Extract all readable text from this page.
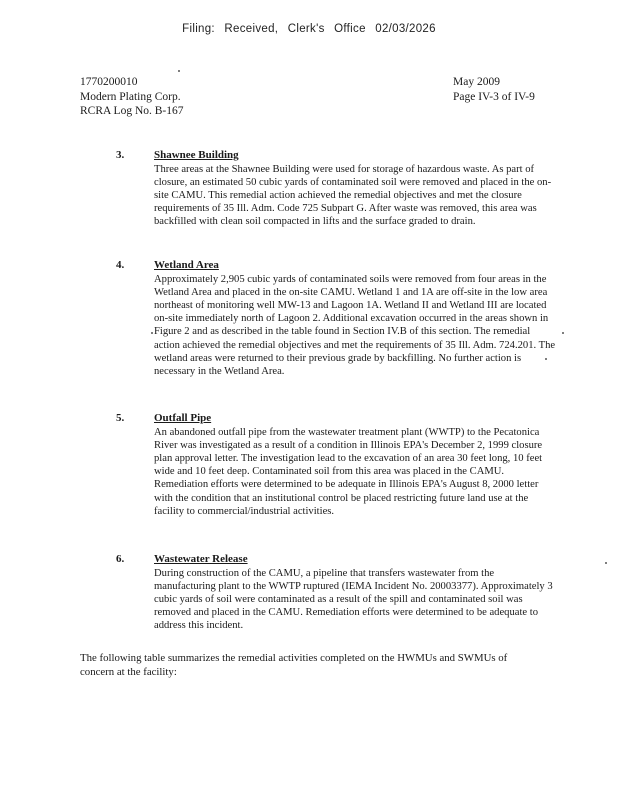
Filing: Received, Clerk's Office 02/03/2026
1770200010
Modern Plating Corp.
RCRA Log No. B-167
May 2009
Page IV-3 of IV-9
3.	Shawnee Building
Three areas at the Shawnee Building were used for storage of hazardous waste. As part of closure, an estimated 50 cubic yards of contaminated soil were removed and placed in the on-site CAMU. This remedial action achieved the remedial objectives and met the closure requirements of 35 Ill. Adm. Code 725 Subpart G. After waste was removed, this area was backfilled with clean soil compacted in lifts and the surface graded to drain.
4.	Wetland Area
Approximately 2,905 cubic yards of contaminated soils were removed from four areas in the Wetland Area and placed in the on-site CAMU. Wetland 1 and 1A are off-site in the low area northeast of monitoring well MW-13 and Lagoon 1A. Wetland II and Wetland III are located on-site immediately north of Lagoon 2. Additional excavation occurred in the areas shown in Figure 2 and as described in the table found in Section IV.B of this section. The remedial action achieved the remedial objectives and met the requirements of 35 Ill. Adm. 724.201. The wetland areas were returned to their previous grade by backfilling. No further action is necessary in the Wetland Area.
5.	Outfall Pipe
An abandoned outfall pipe from the wastewater treatment plant (WWTP) to the Pecatonica River was investigated as a result of a condition in Illinois EPA's December 2, 1999 closure plan approval letter. The investigation lead to the excavation of an area 30 feet long, 10 feet wide and 10 feet deep. Contaminated soil from this area was placed in the CAMU. Remediation efforts were determined to be adequate in Illinois EPA's August 8, 2000 letter with the condition that an institutional control be placed restricting future land use at the facility to commercial/industrial activities.
6.	Wastewater Release
During construction of the CAMU, a pipeline that transfers wastewater from the manufacturing plant to the WWTP ruptured (IEMA Incident No. 20003377). Approximately 3 cubic yards of soil were contaminated as a result of the spill and contaminated soil was removed and placed in the CAMU. Remediation efforts were determined to be adequate to address this incident.
The following table summarizes the remedial activities completed on the HWMUs and SWMUs of concern at the facility:
